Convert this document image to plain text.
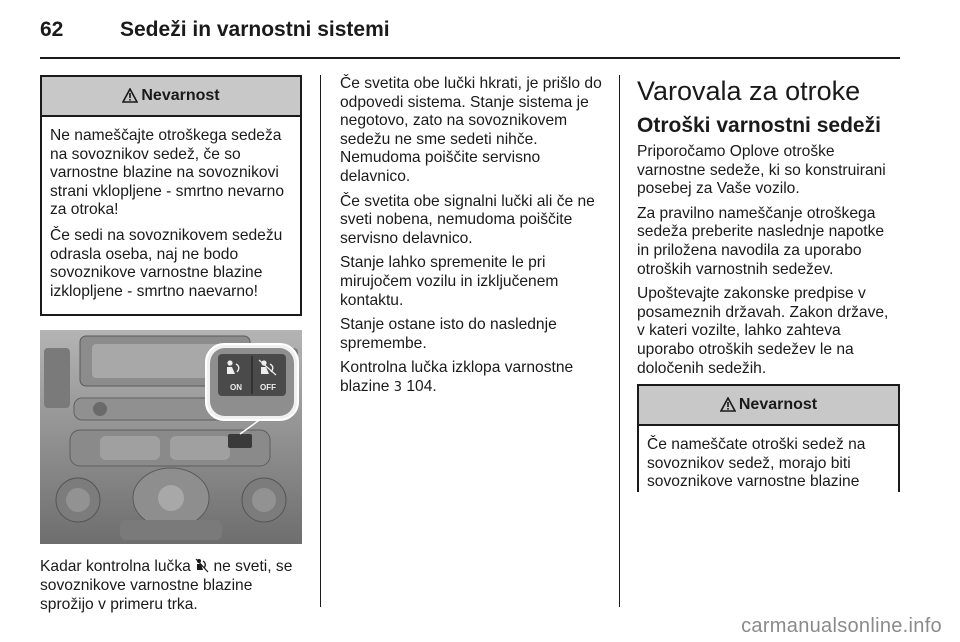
62	Sedeži in varnostni sistemi
Nevarnost

Ne nameščajte otroškega sedeža na sovoznikov sedež, če so varnostne blazine na sovoznikovi strani vklopljene - smrtno nevarno za otroka!

Če sedi na sovoznikovem sedežu odrasla oseba, naj ne bodo sovoznikove varnostne blazine izklopljene - smrtno naevarno!

ON OFF

Kadar kontrolna lučka  ne sveti, se sovoznikove varnostne blazine sprožijo v primeru trka.

Če svetita obe lučki hkrati, je prišlo do odpovedi sistema. Stanje sistema je negotovo, zato na sovoznikovem sedežu ne sme sedeti nihče. Nemudoma poiščite servisno delavnico.

Če svetita obe signalni lučki ali če ne sveti nobena, nemudoma poiščite servisno delavnico.

Stanje lahko spremenite le pri mirujočem vozilu in izključenem kontaktu.

Stanje ostane isto do naslednje spremembe.

Kontrolna lučka izklopa varnostne blazine 3 104.

Varovala za otroke
Otroški varnostni sedeži

Priporočamo Oplove otroške varnostne sedeže, ki so konstruirani posebej za Vaše vozilo.

Za pravilno nameščanje otroškega sedeža preberite naslednje napotke in priložena navodila za uporabo otroških varnostnih sedežev.

Upoštevajte zakonske predpise v posameznih državah. Zakon države, v kateri vozilte, lahko zahteva uporabo otroških sedežev le na določenih sedežih.

Nevarnost

Če nameščate otroški sedež na sovoznikov sedež, morajo biti sovoznikove varnostne blazine

carmanualsonline.info
